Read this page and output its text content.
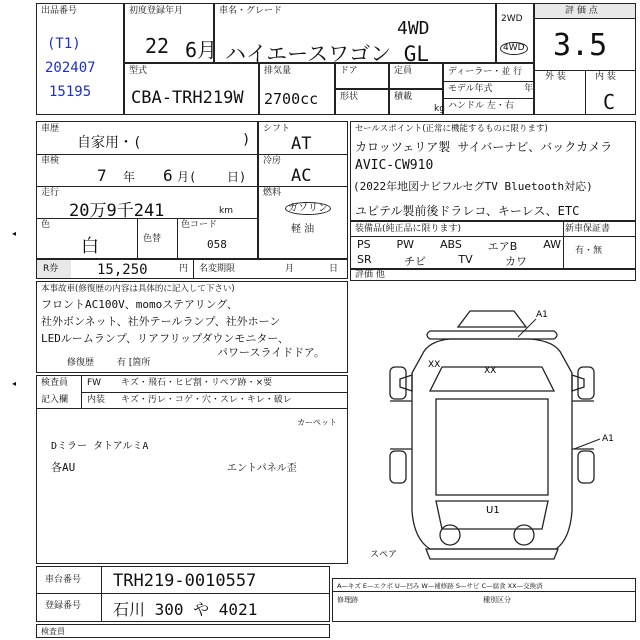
出品番号
(T1)
202407
15195
初度登録年月
22 6月
車名・グレード
4WD
ハイエースワゴン GL
2WD
4WD
評 価 点
3.5
外 装	内 装
C
型式
CBA-TRH219W
排気量
2700cc
ドア	定員
形状	積載
kg
ディーラー・並 行
モデル年式	年
ハンドル 左・右
車歴
自家用・(	)
車検
7 年 6 月(	日)
走行
20万9千241	km
色
白	色替
色コード
058
シフト
AT
冷房
AC
燃料
ガソリン
軽 油
R券	15,250	円 名変期限	月	日
セールスポイント(正常に機能するものに限ります)
カロッツェリア製 サイバーナビ、バックカメラ
AVIC-CW910
(2022年地図ナビフルセグTV Bluetooth対応)
ユピテル製前後ドラレコ、キーレス、ETC
装備品(純正品に限ります)	新車保証書
有・無
PS PW ABS エアB AW
SR	チビ	TV	カワ
評価 他
本事故車(修復歴の内容は具体的に記入して下さい)
フロントAC100V、momoステアリング、
社外ボンネット、社外テールランプ、社外ホーン
LEDルームランプ、リアフリップダウンモニター、
パワースライドドア。
修復歴	有 [箇所
検査員
記入欄
FW キズ・飛石・ヒビ割・リペア跡・×要
内装 キズ・汚レ・コゲ・穴・スレ・キレ・破レ
カーペット
Dミラー タトアルミA
各AU	エントパネル歪
A1
A1
XX
XX
U1
スペア
車台番号 TRH219-0010557
登録番号 石川 300 や 4021
A—キズ E—エクボ U—凹み W—補修跡 S—サビ C—腐食 XX—交換済
修理跡	種別区分
検査員
◂
◂
